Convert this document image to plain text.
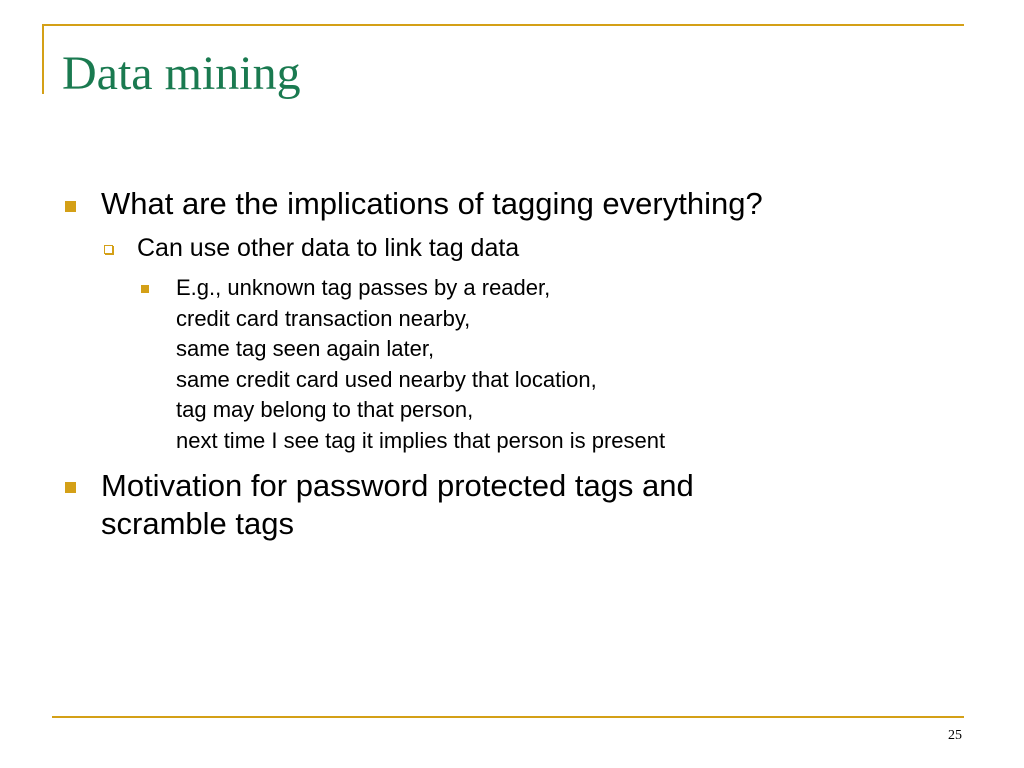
Data mining
What are the implications of tagging everything?
Can use other data to link tag data
E.g., unknown tag passes by a reader,
credit card transaction nearby,
same tag seen again later,
same credit card used nearby that location,
tag may belong to that person,
next time I see tag it implies that person is present
Motivation for password protected tags and
scramble tags
25
